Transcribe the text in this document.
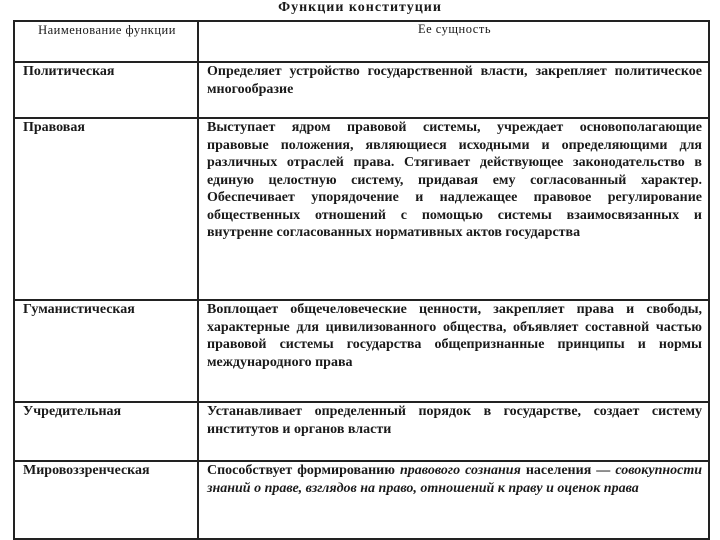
Функции конституции
Наименование функции	Ее сущность
Политическая	Определяет устройство государственной власти, закрепляет политическое многообразие
Правовая	Выступает ядром правовой системы, учреждает основополагающие правовые положения, являющиеся исходными и определяющими для различных отраслей права. Стягивает действующее законодательство в единую целостную систему, придавая ему согласованный характер. Обеспечивает упорядочение и надлежащее правовое регулирование общественных отношений с помощью системы взаимосвязанных и внутренне согласованных нормативных актов государства
Гуманистическая	Воплощает общечеловеческие ценности, закрепляет права и свободы, характерные для цивилизованного общества, объявляет составной частью правовой системы государства общепризнанные принципы и нормы международного права
Учредительная	Устанавливает определенный порядок в государстве, создает систему институтов и органов власти
Мировоззренческая	Способствует формированию правового сознания населения — совокупности знаний о праве, взглядов на право, отношений к праву и оценок права
